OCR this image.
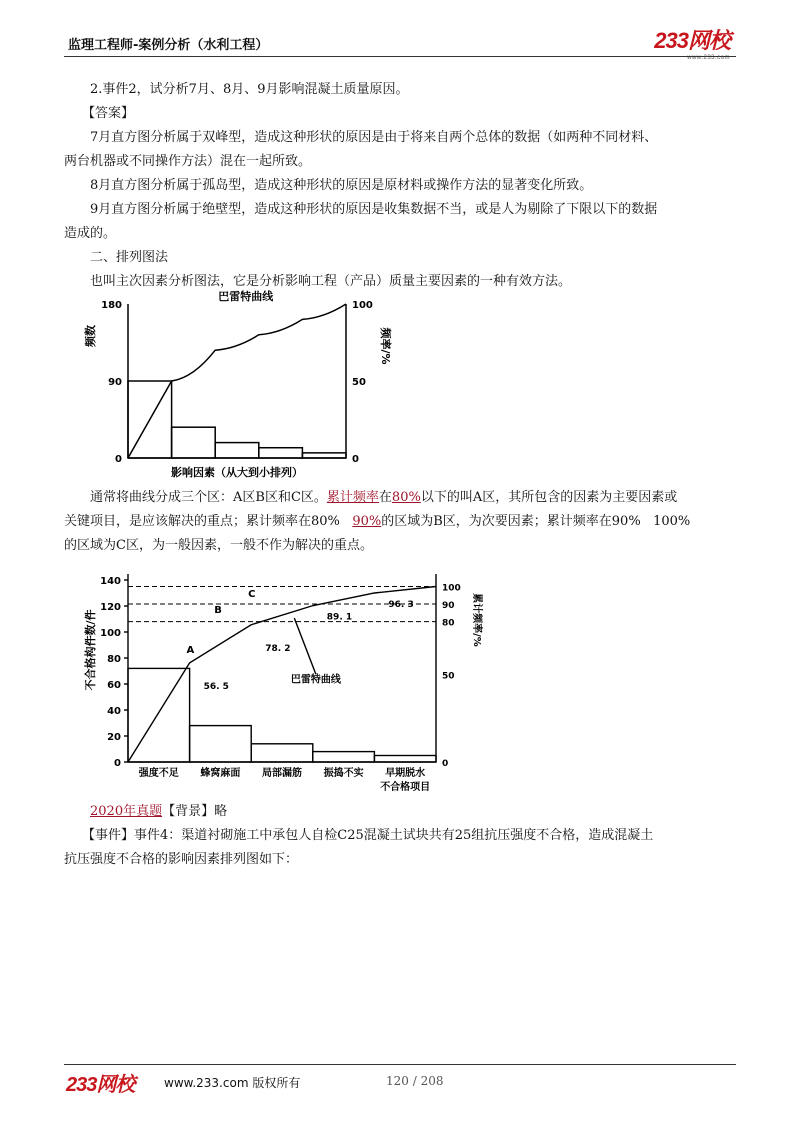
监理工程师-案例分析（水利工程）	233网校
www.233.com
2.事件2，试分析7月、8月、9月影响混凝土质量原因。
【答案】
7月直方图分析属于双峰型，造成这种形状的原因是由于将来自两个总体的数据（如两种不同材料、
两台机器或不同操作方法）混在一起所致。
8月直方图分析属于孤岛型，造成这种形状的原因是原材料或操作方法的显著变化所致。
9月直方图分析属于绝壁型，造成这种形状的原因是收集数据不当，或是人为剔除了下限以下的数据
造成的。
二、排列图法
也叫主次因素分析图法，它是分析影响工程（产品）质量主要因素的一种有效方法。
0
90
180
0
50
100
巴雷特曲线
影响因素（从大到小排列）
频数	频率/%
通常将曲线分成三个区：A区B区和C区。累计频率在80%以下的叫A区，其所包含的因素为主要因素或
关键项目，是应该解决的重点；累计频率在80% 90%的区域为B区，为次要因素；累计频率在90% 100%
的区域为C区，为一般因素，一般不作为解决的重点。
0
20
40
60
80
100
120
140
0
50
80
90
100
56. 5
78. 2
89. 1
96. 3
A
B
C
巴雷特曲线
强度不足 蜂窝麻面 局部漏筋 振捣不实 早期脱水
不合格项目
不合格构件数/件	累计频率/%
2020年真题【背景】略
【事件】事件4：渠道衬砌施工中承包人自检C25混凝土试块共有25组抗压强度不合格，造成混凝土
抗压强度不合格的影响因素排列图如下：
233网校 www.233.com 版权所有	120 / 208
